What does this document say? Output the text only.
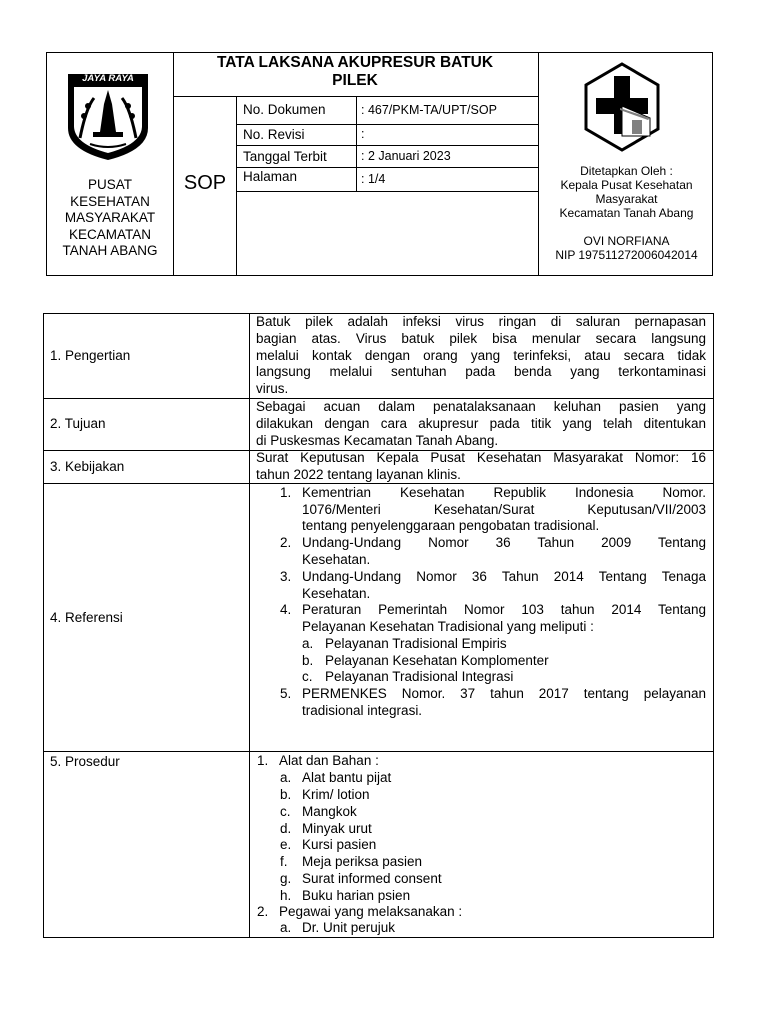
JAYA RAYA
PUSAT
KESEHATAN
MASYARAKAT
KECAMATAN
TANAH ABANG
TATA LAKSANA AKUPRESUR BATUK
PILEK
SOP
No. Dokumen	: 467/PKM-TA/UPT/SOP
No. Revisi	:
Tanggal Terbit	: 2 Januari 2023
Halaman	: 1/4
Ditetapkan Oleh :
Kepala Pusat Kesehatan
Masyarakat
Kecamatan Tanah Abang
OVI NORFIANA
NIP 197511272006042014
1. Pengertian
Batuk pilek adalah infeksi virus ringan di saluran pernapasan
bagian atas. Virus batuk pilek bisa menular secara langsung
melalui kontak dengan orang yang terinfeksi, atau secara tidak
langsung melalui sentuhan pada benda yang terkontaminasi
virus.
2. Tujuan
Sebagai acuan dalam penatalaksanaan keluhan pasien yang
dilakukan dengan cara akupresur pada titik yang telah ditentukan
di Puskesmas Kecamatan Tanah Abang.
3. Kebijakan
Surat Keputusan Kepala Pusat Kesehatan Masyarakat Nomor: 16
tahun 2022 tentang layanan klinis.
4. Referensi
1. Kementrian Kesehatan Republik Indonesia Nomor.
1076/Menteri Kesehatan/Surat Keputusan/VII/2003
tentang penyelenggaraan pengobatan tradisional.
2. Undang-Undang Nomor 36 Tahun 2009 Tentang
Kesehatan.
3. Undang-Undang Nomor 36 Tahun 2014 Tentang Tenaga
Kesehatan.
4. Peraturan Pemerintah Nomor 103 tahun 2014 Tentang
Pelayanan Kesehatan Tradisional yang meliputi :
a. Pelayanan Tradisional Empiris
b. Pelayanan Kesehatan Komplomenter
c. Pelayanan Tradisional Integrasi
5. PERMENKES Nomor. 37 tahun 2017 tentang pelayanan
tradisional integrasi.
5. Prosedur	1. Alat dan Bahan :
a. Alat bantu pijat
b. Krim/ lotion
c. Mangkok
d. Minyak urut
e. Kursi pasien
f. Meja periksa pasien
g. Surat informed consent
h. Buku harian psien
2. Pegawai yang melaksanakan :
a. Dr. Unit perujuk
